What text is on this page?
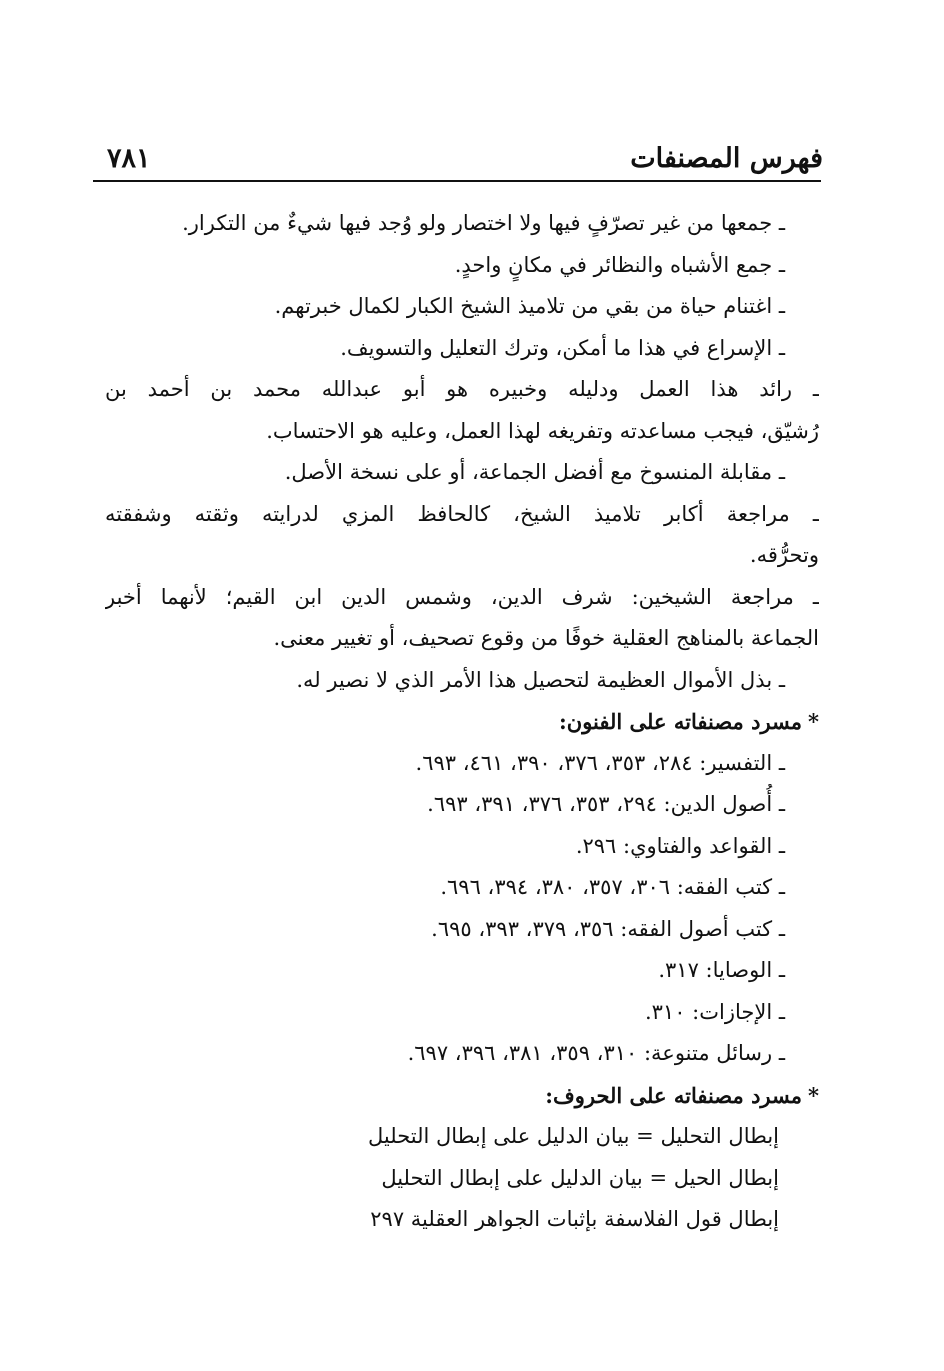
فهرس المصنفات
٧٨١
ـ جمعها من غير تصرّفٍ فيها ولا اختصار ولو وُجد فيها شيءٌ من التكرار.
ـ جمع الأشباه والنظائر في مكانٍ واحدٍ.
ـ اغتنام حياة من بقي من تلاميذ الشيخ الكبار لكمال خبرتهم.
ـ الإسراع في هذا ما أمكن، وترك التعليل والتسويف.
ـ رائد هذا العمل ودليله وخبيره هو أبو عبدالله محمد بن أحمد بن
رُشيّق، فيجب مساعدته وتفريغه لهذا العمل، وعليه هو الاحتساب.
ـ مقابلة المنسوخ مع أفضل الجماعة، أو على نسخة الأصل.
ـ مراجعة أكابر تلاميذ الشيخ، كالحافظ المزي لدرايته وثقته وشفقته
وتحرُّقه.
ـ مراجعة الشيخين: شرف الدين، وشمس الدين ابن القيم؛ لأنهما أخبر
الجماعة بالمناهج العقلية خوفًا من وقوع تصحيف، أو تغيير معنى.
ـ بذل الأموال العظيمة لتحصيل هذا الأمر الذي لا نصير له.
*مسرد مصنفاته على الفنون:
ـ التفسير: ٢٨٤، ٣٥٣، ٣٧٦، ٣٩٠، ٤٦١، ٦٩٣.
ـ أُصول الدين: ٢٩٤، ٣٥٣، ٣٧٦، ٣٩١، ٦٩٣.
ـ القواعد والفتاوي: ٢٩٦.
ـ كتب الفقه: ٣٠٦، ٣٥٧، ٣٨٠، ٣٩٤، ٦٩٦.
ـ كتب أصول الفقه: ٣٥٦، ٣٧٩، ٣٩٣، ٦٩٥.
ـ الوصايا: ٣١٧.
ـ الإجازات: ٣١٠.
ـ رسائل متنوعة: ٣١٠، ٣٥٩، ٣٨١، ٣٩٦، ٦٩٧.
*مسرد مصنفاته على الحروف:
إبطال التحليل = بيان الدليل على إبطال التحليل
إبطال الحيل = بيان الدليل على إبطال التحليل
إبطال قول الفلاسفة بإثبات الجواهر العقلية ٢٩٧
